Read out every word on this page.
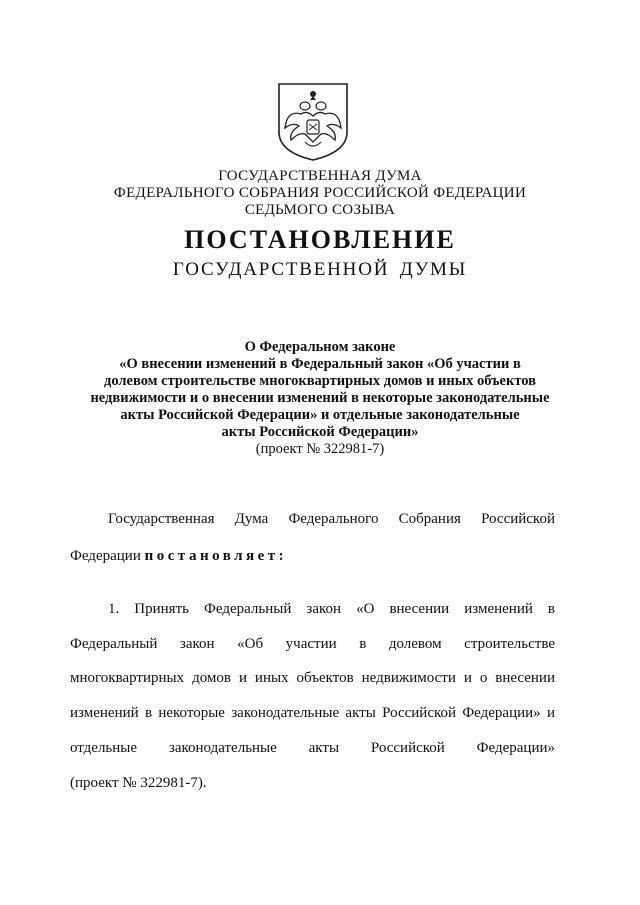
ГОСУДАРСТВЕННАЯ ДУМА
ФЕДЕРАЛЬНОГО СОБРАНИЯ РОССИЙСКОЙ ФЕДЕРАЦИИ
СЕДЬМОГО СОЗЫВА
ПОСТАНОВЛЕНИЕ
ГОСУДАРСТВЕННОЙ ДУМЫ
О Федеральном законе
«О внесении изменений в Федеральный закон «Об участии в
долевом строительстве многоквартирных домов и иных объектов
недвижимости и о внесении изменений в некоторые законодательные
акты Российской Федерации» и отдельные законодательные
акты Российской Федерации»
(проект № 322981-7)
Государственная Дума Федерального Собрания Российской
Федерации постановляет:
1. Принять Федеральный закон «О внесении изменений в
Федеральный закон «Об участии в долевом строительстве
многоквартирных домов и иных объектов недвижимости и о внесении
изменений в некоторые законодательные акты Российской Федерации» и
отдельные законодательные акты Российской Федерации»
(проект № 322981-7).
